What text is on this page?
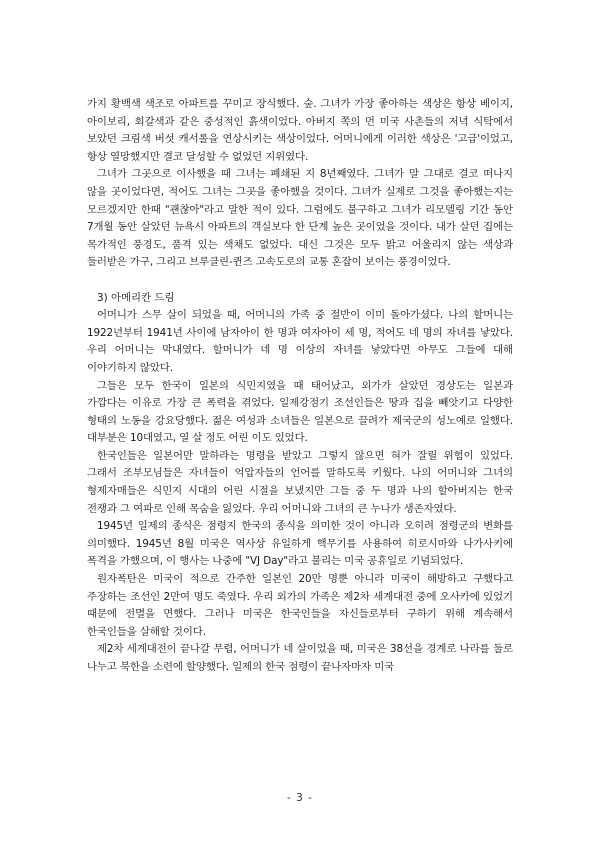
가지 황백색 색조로 아파트를 꾸미고 장식했다. 숲. 그녀가 가장 좋아하는 색상은 항상 베이지, 아이보리, 회갈색과 같은 중성적인 흙색이었다. 아버지 쪽의 먼 미국 사촌들의 저녁 식탁에서 보았던 크림색 버섯 캐서롤을 연상시키는 색상이었다. 어머니에게 이러한 색상은 '고급'이었고, 항상 열망했지만 결코 달성할 수 없었던 지위였다.

그녀가 그곳으로 이사했을 때 그녀는 폐쇄된 지 8년째였다. 그녀가 말 그대로 결코 떠나지 않을 곳이었다면, 적어도 그녀는 그곳을 좋아했을 것이다. 그녀가 실제로 그것을 좋아했는지는 모르겠지만 한때 "괜찮아"라고 말한 적이 있다. 그럼에도 불구하고 그녀가 리모델링 기간 동안 7개월 동안 살았던 뉴욕시 아파트의 객실보다 한 단계 높은 곳이었을 것이다. 내가 살던 집에는 목가적인 풍경도, 품격 있는 색채도 없었다. 대신 그것은 모두 밝고 어울리지 않는 색상과 둘러받은 가구, 그리고 브루클린-퀸즈 고속도로의 교통 혼잡이 보이는 풍경이었다.

3) 아메리칸 드림

어머니가 스무 살이 되었을 때, 어머니의 가족 중 절반이 이미 돌아가셨다. 나의 할머니는 1922년부터 1941년 사이에 남자아이 한 명과 여자아이 세 명, 적어도 네 명의 자녀를 낳았다. 우리 어머니는 막내였다. 할머니가 네 명 이상의 자녀를 낳았다면 아무도 그들에 대해 이야기하지 않았다.

그들은 모두 한국이 일본의 식민지였을 때 태어났고, 외가가 살았던 경상도는 일본과 가깝다는 이유로 가장 큰 폭력을 겪었다. 일제강점기 조선인들은 땅과 집을 빼앗기고 다양한 형태의 노동을 강요당했다. 젊은 여성과 소녀들은 일본으로 끌려가 제국군의 성노예로 일했다. 대부분은 10대였고, 열 살 정도 어린 이도 있었다.

한국인들은 일본어만 말하라는 명령을 받았고 그렇지 않으면 혀가 잘릴 위험이 있었다. 그래서 조부모님들은 자녀들이 억압자들의 언어를 말하도록 키웠다. 나의 어머니와 그녀의 형제자매들은 식민지 시대의 어린 시절을 보냈지만 그들 중 두 명과 나의 할아버지는 한국 전쟁과 그 여파로 인해 목숨을 잃었다. 우리 어머니와 그녀의 큰 누나가 생존자였다.

1945년 일제의 종식은 점령지 한국의 종식을 의미한 것이 아니라 오히려 점령군의 변화를 의미했다. 1945년 8월 미국은 역사상 유일하게 핵무기를 사용하여 히로시마와 나가사키에 폭격을 가했으며, 이 행사는 나중에 "VJ Day"라고 불리는 미국 공휴일로 기념되었다.

원자폭탄은 미국이 적으로 간주한 일본인 20만 명뿐 아니라 미국이 해방하고 구했다고 주장하는 조선인 2만여 명도 죽였다. 우리 외가의 가족은 제2차 세계대전 중에 오사카에 있었기 때문에 전멸을 면했다. 그러나 미국은 한국인들을 자신들로부터 구하기 위해 계속해서 한국인들을 살해할 것이다.

제2차 세계대전이 끝나갈 무렵, 어머니가 네 살이었을 때, 미국은 38선을 경계로 나라를 둘로 나누고 북한을 소련에 할양했다. 일제의 한국 점령이 끝나자마자 미국

- 3 -
